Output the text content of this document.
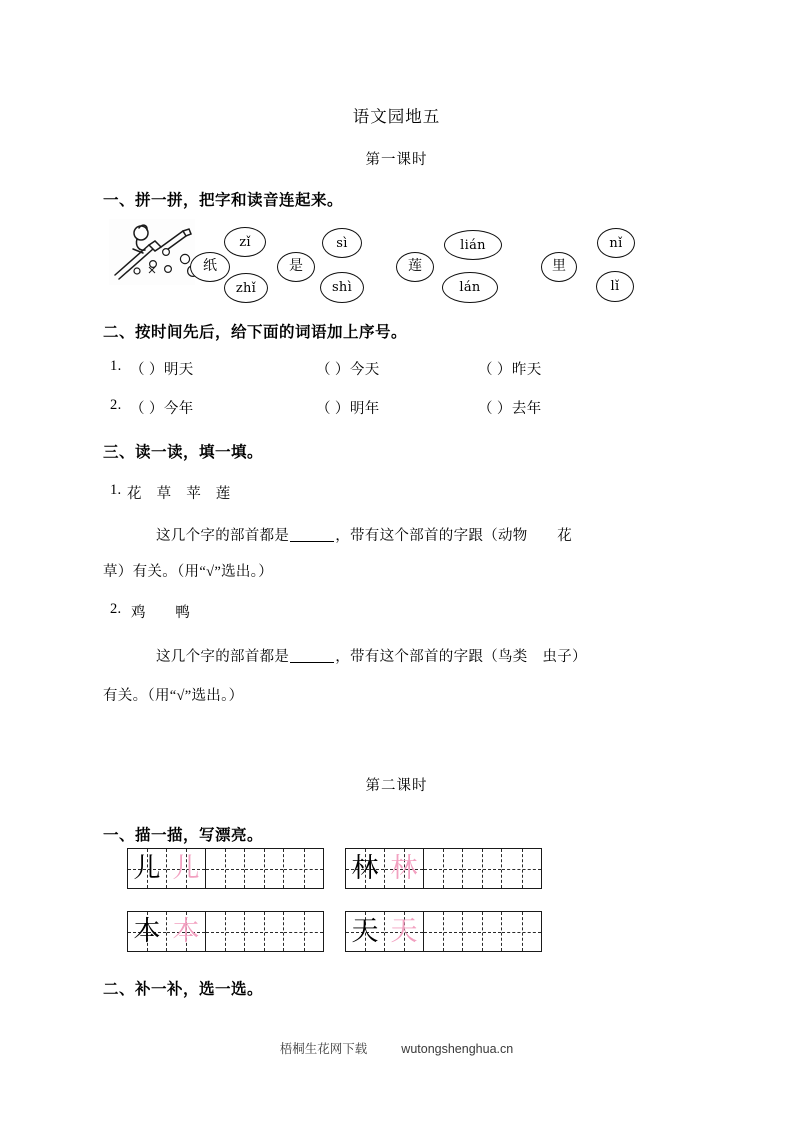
语文园地五
第一课时
一、拼一拼，把字和读音连起来。
纸
zǐ
zhǐ
是
sì
shì
莲
lián
lán
里
nǐ
lǐ
二、按时间先后，给下面的词语加上序号。
1. （ ）明天	（ ）今天	（ ）昨天
2. （ ）今年	（ ）明年	（ ）去年
三、读一读，填一填。
1. 花　草　苹　莲
这几个字的部首都是	，带有这个部首的字跟（动物　　花
草）有关。（用“√”选出。）
2. 鸡　　鸭
这几个字的部首都是	，带有这个部首的字跟（鸟类　虫子）
有关。（用“√”选出。）
第二课时
一、描一描，写漂亮。
儿 儿	林 林
本 本	天 天
二、补一补，选一选。
梧桐生花网下载	wutongshenghua.cn
